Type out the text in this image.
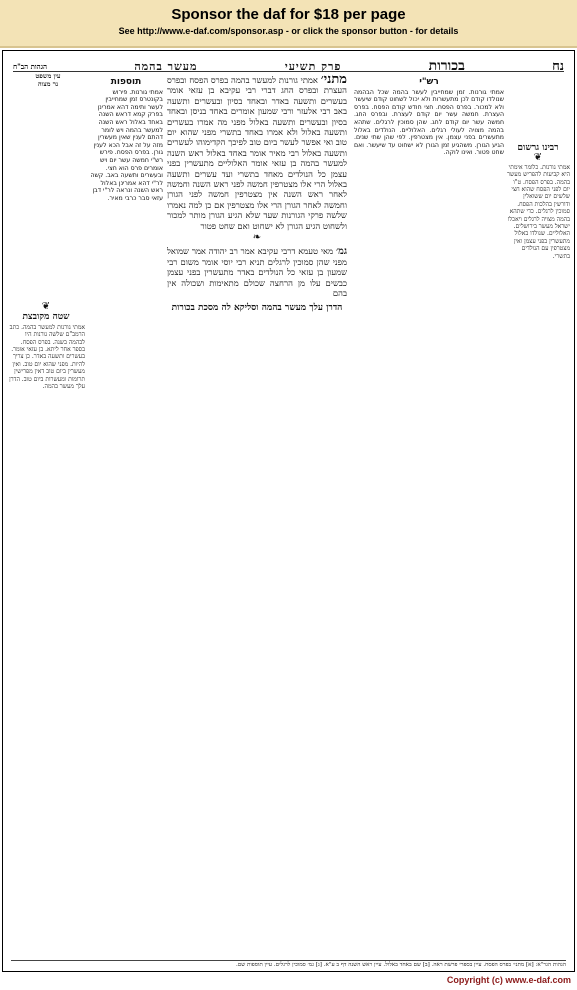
Sponsor the daf for $18 per page
See http://www.e-daf.com/sponsor.asp - or click the sponsor button - for details
נח
בכורות
פרק תשיעי
מעשר בהמה
הגהות הב"ח
עין משפט
נר מצוה	רש"י
אמתי גורנות. זמן שמחייבין לעשר בהמה שכל הבהמה שנולדו קודם לכן מתעשרות ולא יכול לשחוט קודם שיעשר ולא למכור. בפרס הפסח. חצי חודש קודם הפסח. בפרס העצרת. חמשה עשר יום קודם לעצרת. ובפרס החג. חמשה עשר יום קודם לחג. שהן סמוכין לרגלים. שתהא בהמה מצויה לעולי רגלים. האלוליים. הנולדים באלול מתעשרים בפני עצמן. אין מצטרפין. לפי שהן שתי שנים. הגיע הגורן. משהגיע זמן הגורן לא ישחוט עד שיעשר. ואם שחט פטור. ואינו לוקה.
מתני׳ אמתי גורנות למעשר בהמה בפרס הפסח ובפרס העצרת ובפרס החג דברי רבי עקיבא בן עזאי אומר בעשרים ותשעה באדר ובאחד בסיון ובעשרים ותשעה באב רבי אלעזר ורבי שמעון אומרים באחד בניסן ובאחד בסיון ובעשרים ותשעה באלול מפני מה אמרו בעשרים ותשעה באלול ולא אמרו באחד בתשרי מפני שהוא יום טוב ואי אפשר לעשר ביום טוב לפיכך הקדימוהו לעשרים ותשעה באלול רבי מאיר אומר באחד באלול ראש השנה למעשר בהמה בן עזאי אומר האלוליים מתעשרין בפני עצמן כל הנולדים מאחד בתשרי ועד עשרים ותשעה באלול הרי אלו מצטרפין חמשה לפני ראש השנה וחמשה לאחר ראש השנה אין מצטרפין חמשה לפני הגורן וחמשה לאחר הגורן הרי אלו מצטרפין אם כן למה נאמרו שלשה פרקי הגורנות שעד שלא הגיע הגורן מותר למכור ולשחוט הגיע הגורן לא ישחוט ואם שחט פטור
❧
גמ׳ מאי טעמא דרבי עקיבא אמר רב יהודה אמר שמואל מפני שהן סמוכין לרגלים תניא רבי יוסי אומר משום רבי שמעון בן עזאי כל הנולדים באדר מתעשרין בפני עצמן כבשים עלו מן הרחצה שכולם מתאימות ושכולה אין בהם
הדרן עלך מעשר בהמה וסליקא לה מסכת בכורות
תוספות
אמתי גורנות. פירוש בקונטרס זמן שמחייבין לעשר ותימה דהא אמרינן בפרק קמא דראש השנה באחד באלול ראש השנה למעשר בהמה ויש לומר דהתם לענין שאין מעשרין מזה על זה אבל הכא לענין גורן. בפרס הפסח. פירש רש"י חמשה עשר יום ויש אומרים פרס הוא חצי. ובעשרים ותשעה באב. קשה לר"י דהא אמרינן באלול ראש השנה ונראה לר"י דבן עזאי סבר כרבי מאיר.
רבינו גרשום
❦
אמתי גורנות. כלומר אימתי היא קביעות להפריש מעשר בהמה. בפרס הפסח. ט"ו יום לפני הפסח שהוא חצי שלשים יום ששואלין ודורשין בהלכות הפסח. סמוכין לרגלים. כדי שתהא בהמה מצויה לרגלים ויאכלו ישראל מעשר בירושלים. האלוליים. שנולדו באלול מתעשרין בפני עצמן ואין מצטרפין עם הנולדים בתשרי.
❦
שטה מקובצת
אמתי גורנות למעשר בהמה. כתב הרמב"ם שלשה גורנות היו לבהמה בשנה. בפרס הפסח. בספר אחר ליתא. בן עזאי אומר. בעשרים ותשעה באדר. כן צריך להיות. מפני שהוא יום טוב. ואין מעשרין ביום טוב דאין מפרישין תרומות ומעשרות ביום טוב. הדרן עלך מעשר בהמה.
הגהות הגר"א: [א] מתני׳ בפרס הפסח. עיין בספרי פרשת ראה. [ב] שם באחד באלול. עיין ראש השנה דף ב ע"א. [ג] גמ׳ סמוכין לרגלים. עיין תוספות שם.
Copyright (c) www.e-daf.com
